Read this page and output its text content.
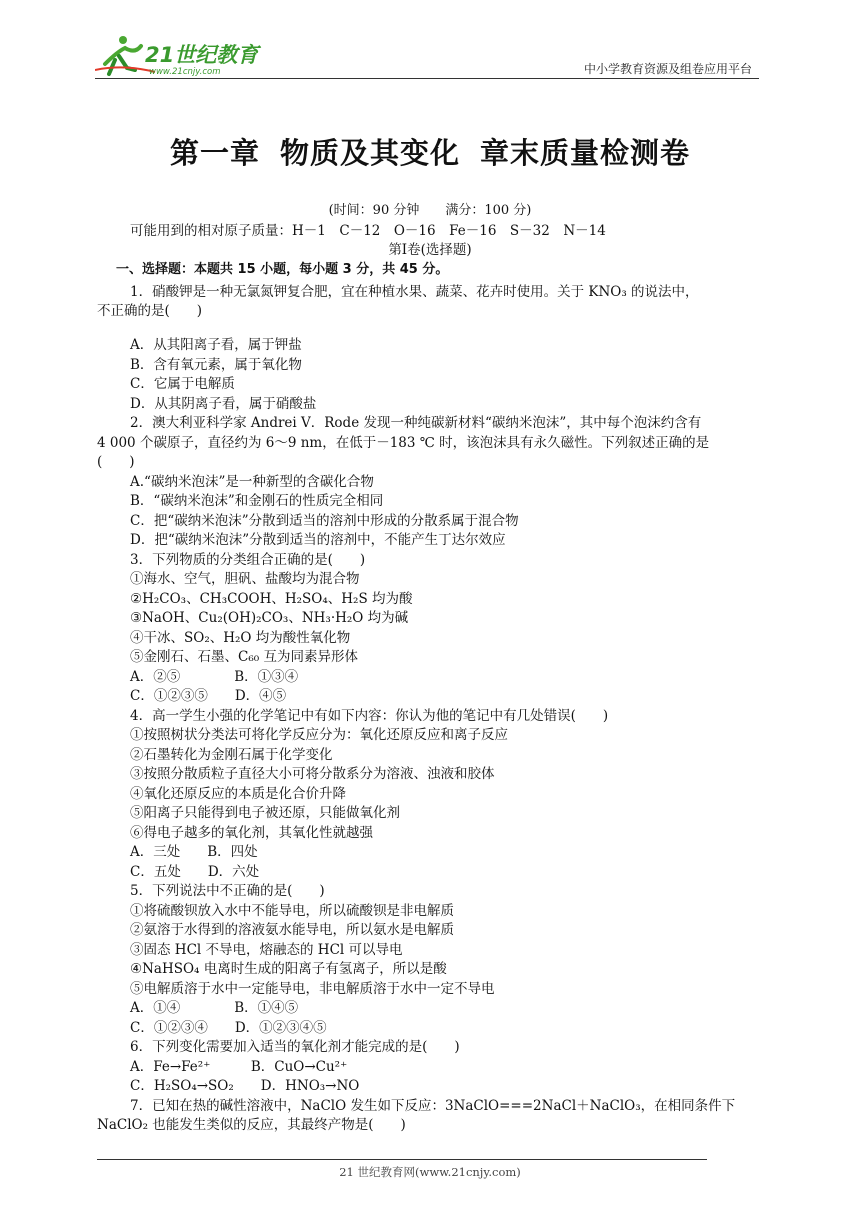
21世纪教育
www.21cnjy.com	中小学教育资源及组卷应用平台
第一章 物质及其变化 章末质量检测卷
(时间：90 分钟　　满分：100 分)
可能用到的相对原子质量：H－1　C－12　O－16　Fe－16　S－32　N－14
第Ⅰ卷(选择题)
一、选择题：本题共 15 小题，每小题 3 分，共 45 分。
1．硝酸钾是一种无氯氮钾复合肥，宜在种植水果、蔬菜、花卉时使用。关于 KNO₃ 的说法中，
不正确的是(　　)
A．从其阳离子看，属于钾盐
B．含有氧元素，属于氧化物
C．它属于电解质
D．从其阴离子看，属于硝酸盐
2．澳大利亚科学家 Andrei V．Rode 发现一种纯碳新材料“碳纳米泡沫”，其中每个泡沫约含有
4 000 个碳原子，直径约为 6～9 nm，在低于－183 ℃ 时，该泡沫具有永久磁性。下列叙述正确的是
(　　)
A.“碳纳米泡沫”是一种新型的含碳化合物
B．“碳纳米泡沫”和金刚石的性质完全相同
C．把“碳纳米泡沫”分散到适当的溶剂中形成的分散系属于混合物
D．把“碳纳米泡沫”分散到适当的溶剂中，不能产生丁达尔效应
3．下列物质的分类组合正确的是(　　)
①海水、空气，胆矾、盐酸均为混合物
②H₂CO₃、CH₃COOH、H₂SO₄、H₂S 均为酸
③NaOH、Cu₂(OH)₂CO₃、NH₃·H₂O 均为碱
④干冰、SO₂、H₂O 均为酸性氧化物
⑤金刚石、石墨、C₆₀ 互为同素异形体
A．②⑤　　　　B．①③④
C．①②③⑤　　D．④⑤
4．高一学生小强的化学笔记中有如下内容：你认为他的笔记中有几处错误(　　)
①按照树状分类法可将化学反应分为：氧化还原反应和离子反应
②石墨转化为金刚石属于化学变化
③按照分散质粒子直径大小可将分散系分为溶液、浊液和胶体
④氧化还原反应的本质是化合价升降
⑤阳离子只能得到电子被还原，只能做氧化剂
⑥得电子越多的氧化剂，其氧化性就越强
A．三处　　B．四处
C．五处　　D．六处
5．下列说法中不正确的是(　　)
①将硫酸钡放入水中不能导电，所以硫酸钡是非电解质
②氨溶于水得到的溶液氨水能导电，所以氨水是电解质
③固态 HCl 不导电，熔融态的 HCl 可以导电
④NaHSO₄ 电离时生成的阳离子有氢离子，所以是酸
⑤电解质溶于水中一定能导电，非电解质溶于水中一定不导电
A．①④　　　　B．①④⑤
C．①②③④　　D．①②③④⑤
6．下列变化需要加入适当的氧化剂才能完成的是(　　)
A．Fe→Fe²⁺　　　B．CuO→Cu²⁺
C．H₂SO₄→SO₂　　D．HNO₃→NO
7．已知在热的碱性溶液中，NaClO 发生如下反应：3NaClO===2NaCl＋NaClO₃，在相同条件下
NaClO₂ 也能发生类似的反应，其最终产物是(　　)
21 世纪教育网(www.21cnjy.com)
